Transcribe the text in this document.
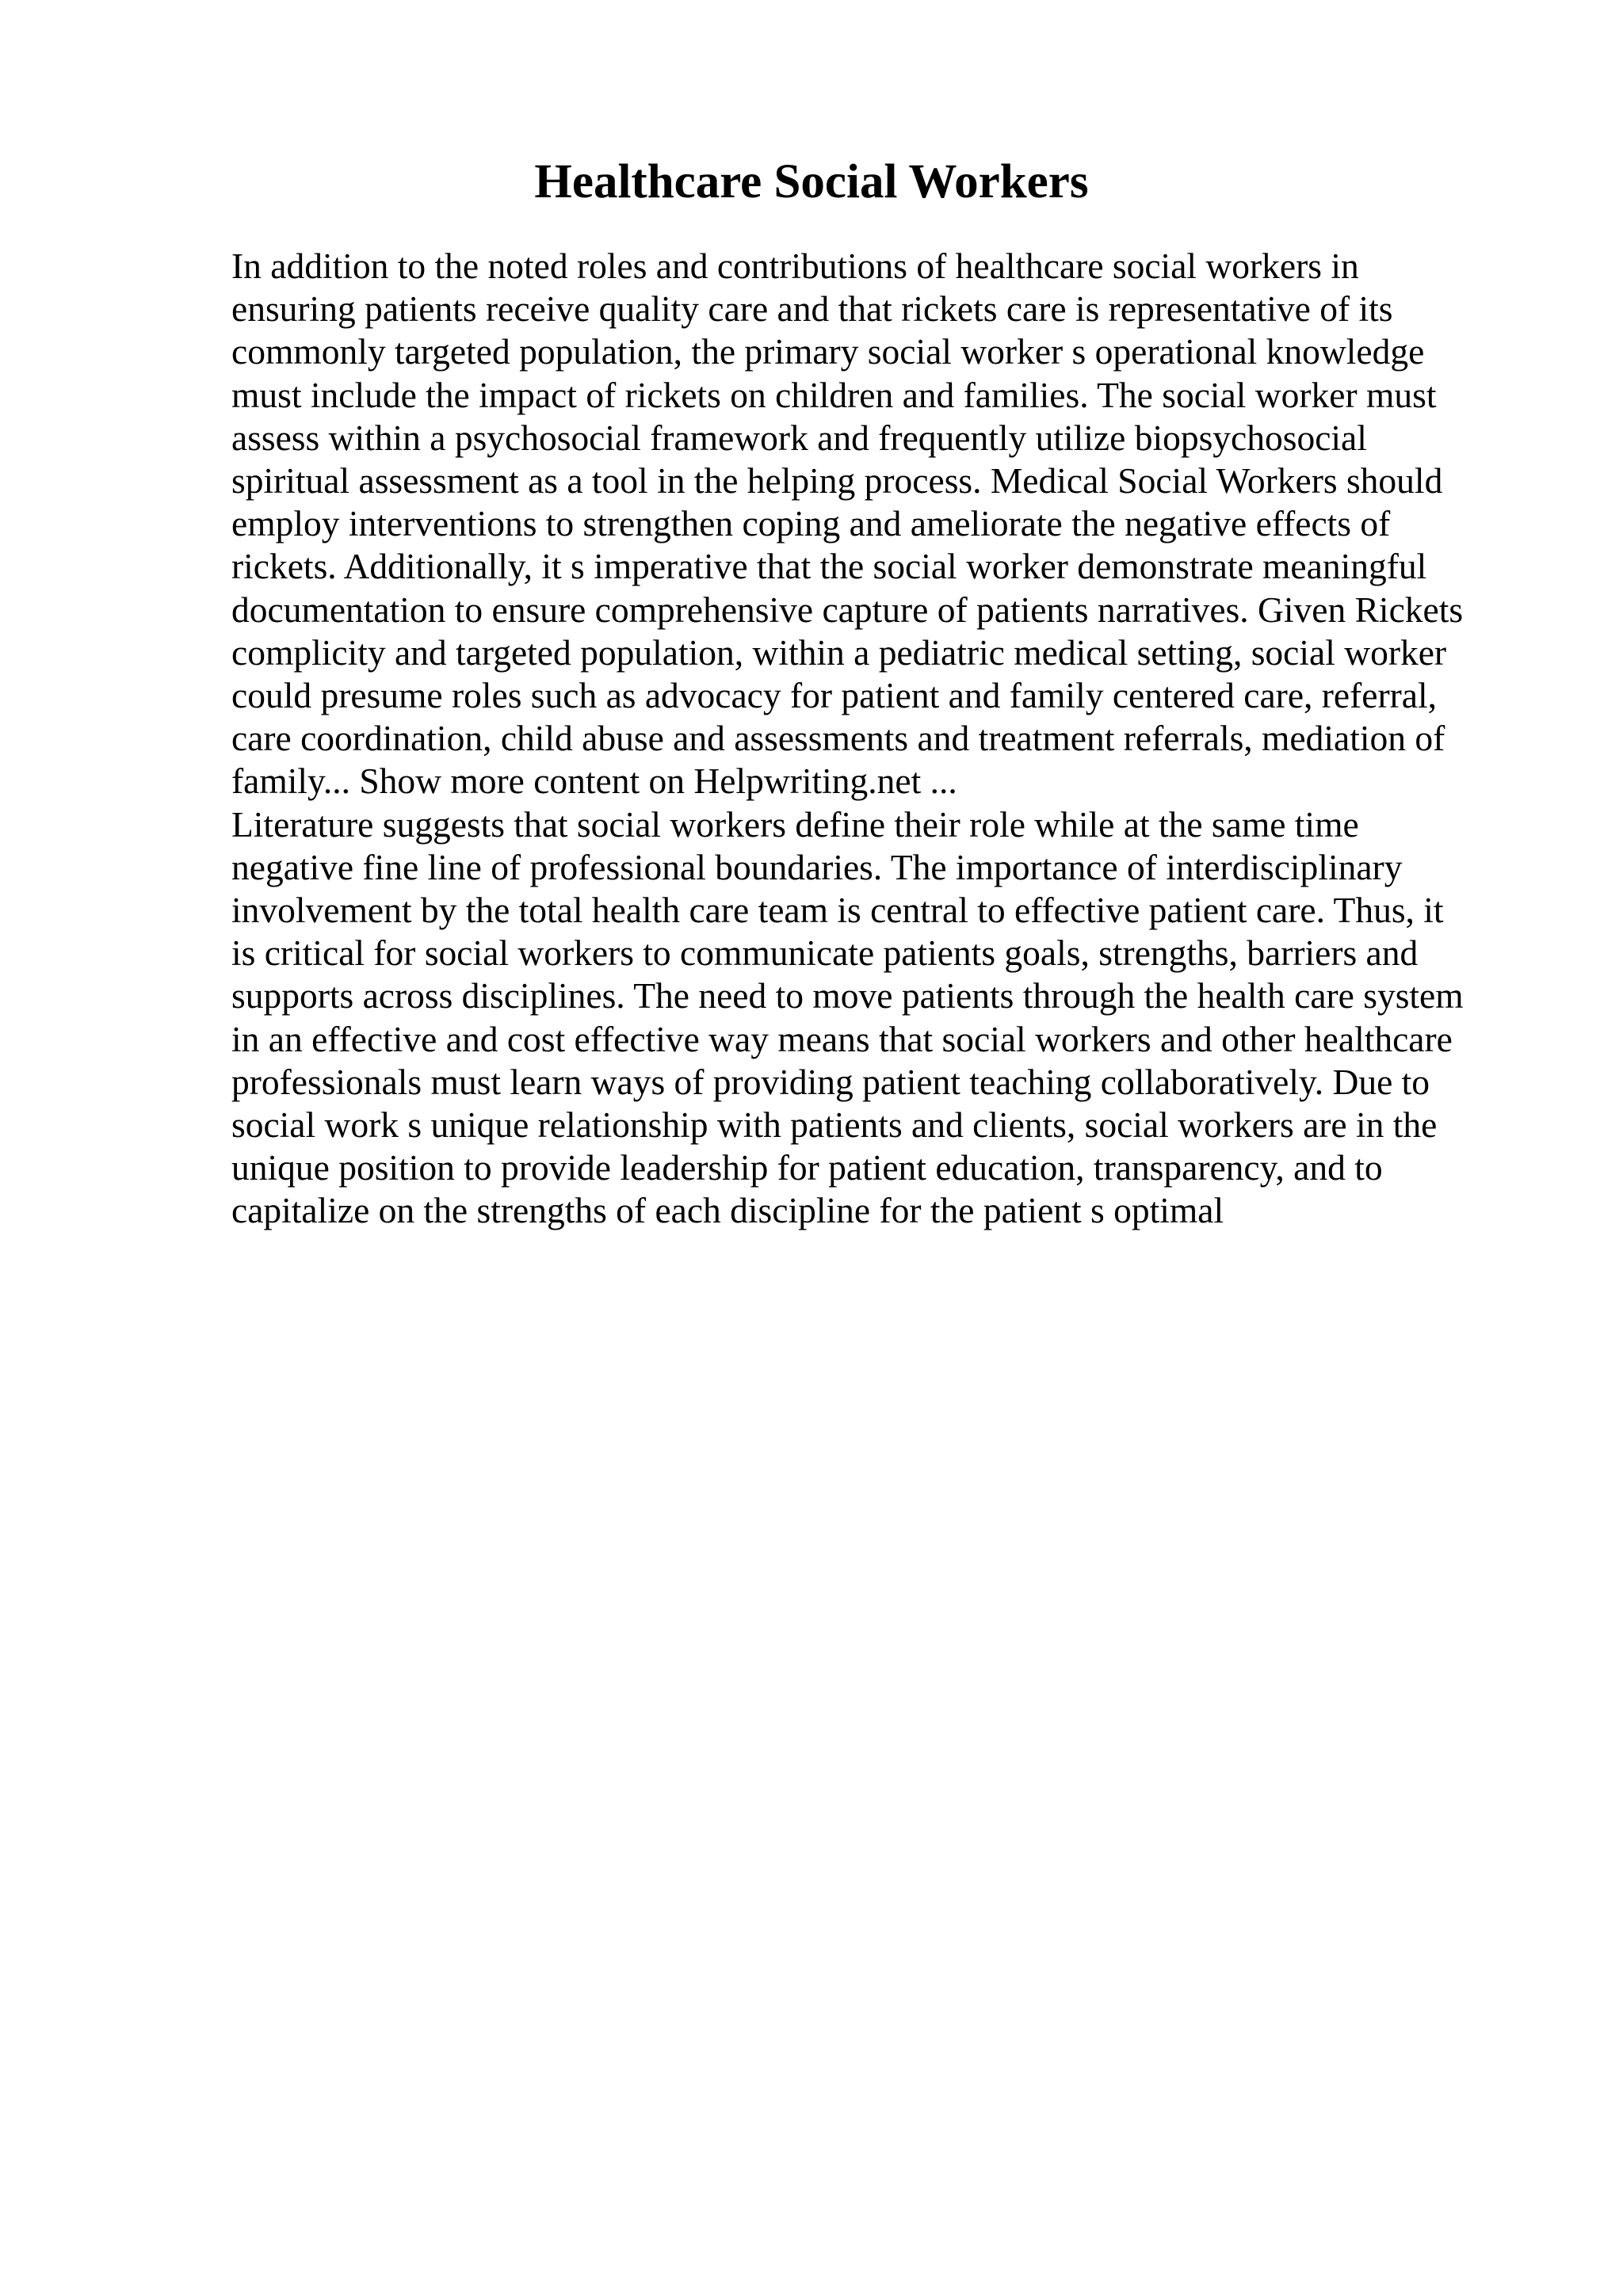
Healthcare Social Workers
In addition to the noted roles and contributions of healthcare social workers in
ensuring patients receive quality care and that rickets care is representative of its
commonly targeted population, the primary social worker s operational knowledge
must include the impact of rickets on children and families. The social worker must
assess within a psychosocial framework and frequently utilize biopsychosocial
spiritual assessment as a tool in the helping process. Medical Social Workers should
employ interventions to strengthen coping and ameliorate the negative effects of
rickets. Additionally, it s imperative that the social worker demonstrate meaningful
documentation to ensure comprehensive capture of patients narratives. Given Rickets
complicity and targeted population, within a pediatric medical setting, social worker
could presume roles such as advocacy for patient and family centered care, referral,
care coordination, child abuse and assessments and treatment referrals, mediation of
family... Show more content on Helpwriting.net ...
Literature suggests that social workers define their role while at the same time
negative fine line of professional boundaries. The importance of interdisciplinary
involvement by the total health care team is central to effective patient care. Thus, it
is critical for social workers to communicate patients goals, strengths, barriers and
supports across disciplines. The need to move patients through the health care system
in an effective and cost effective way means that social workers and other healthcare
professionals must learn ways of providing patient teaching collaboratively. Due to
social work s unique relationship with patients and clients, social workers are in the
unique position to provide leadership for patient education, transparency, and to
capitalize on the strengths of each discipline for the patient s optimal
